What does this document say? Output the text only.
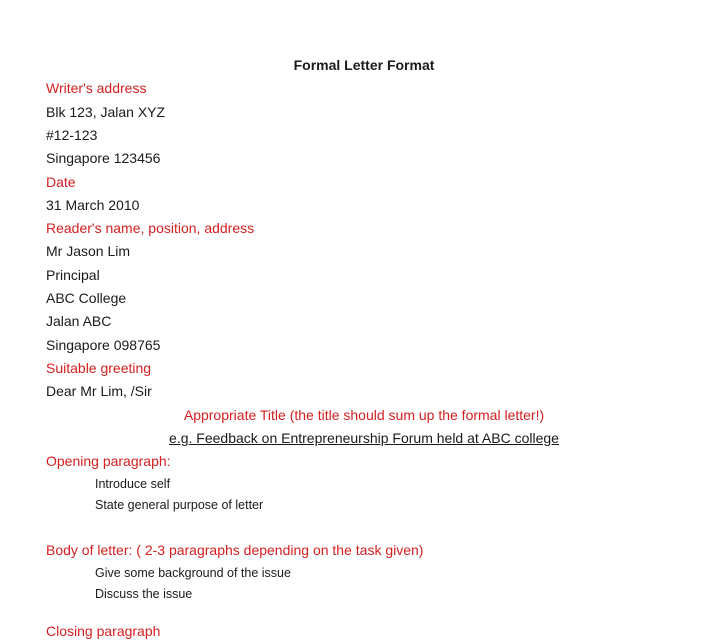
Formal Letter Format
Writer's address
Blk 123, Jalan XYZ
#12-123
Singapore 123456
Date
31 March 2010
Reader's name, position, address
Mr Jason Lim
Principal
ABC College
Jalan ABC
Singapore 098765
Suitable greeting
Dear Mr Lim, /Sir
Appropriate Title (the title should sum up the formal letter!)
e.g. Feedback on Entrepreneurship Forum held at ABC college
Opening paragraph:
Introduce self
State general purpose of letter
Body of letter: ( 2-3 paragraphs depending on the task given)
Give some background of the issue
Discuss the issue
Closing paragraph
